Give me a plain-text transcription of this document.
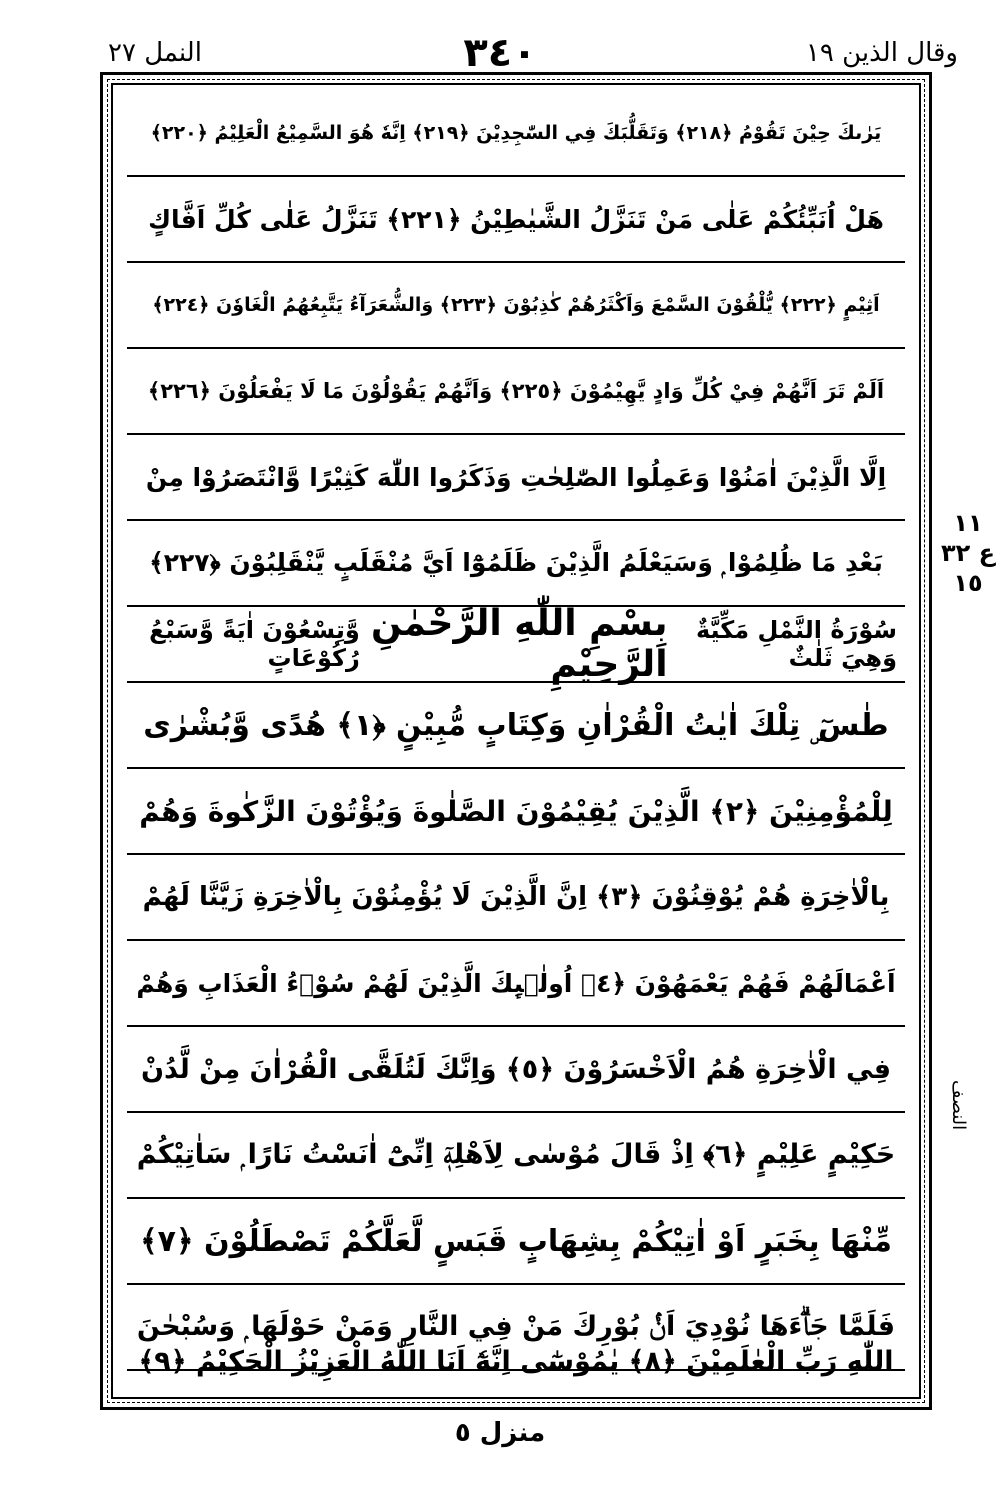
وقال الذين ١٩
٣٤٠
النمل ٢٧
يَرٰىكَ حِيْنَ تَقُوْمُ ﴿٢١٨﴾ وَتَقَلُّبَكَ فِي السّٰجِدِيْنَ ﴿٢١٩﴾ اِنَّهٗ هُوَ السَّمِيْعُ الْعَلِيْمُ ﴿٢٢٠﴾
هَلْ اُنَبِّئُكُمْ عَلٰى مَنْ تَنَزَّلُ الشَّيٰطِيْنُ ﴿٢٢١﴾ تَنَزَّلُ عَلٰى كُلِّ اَفَّاكٍ
اَثِيْمٍ ﴿٢٢٢﴾ يُّلْقُوْنَ السَّمْعَ وَاَكْثَرُهُمْ كٰذِبُوْنَ ﴿٢٢٣﴾ وَالشُّعَرَآءُ يَتَّبِعُهُمُ الْغَاوٗنَ ﴿٢٢٤﴾
اَلَمْ تَرَ اَنَّهُمْ فِيْ كُلِّ وَادٍ يَّهِيْمُوْنَ ﴿٢٢٥﴾ وَاَنَّهُمْ يَقُوْلُوْنَ مَا لَا يَفْعَلُوْنَ ﴿٢٢٦﴾
اِلَّا الَّذِيْنَ اٰمَنُوْا وَعَمِلُوا الصّٰلِحٰتِ وَذَكَرُوا اللّٰهَ كَثِيْرًا وَّانْتَصَرُوْا مِنْ
بَعْدِ مَا ظُلِمُوْا ۭ وَسَيَعْلَمُ الَّذِيْنَ ظَلَمُوْٓا اَيَّ مُنْقَلَبٍ يَّنْقَلِبُوْنَ ﴿٢٢٧﴾
وَّتِسْعُوْنَ اٰيَةً وَّسَبْعُ رُكُوْعَاتٍ
بِسْمِ اللّٰهِ الرَّحْمٰنِ الرَّحِيْمِ
سُوْرَةُ النَّمْلِ مَكِّيَّةٌ وَهِيَ ثَلٰثٌ
طٰسٓ ۣ تِلْكَ اٰيٰتُ الْقُرْاٰنِ وَكِتَابٍ مُّبِيْنٍ ﴿١﴾ هُدًى وَّبُشْرٰى
لِلْمُؤْمِنِيْنَ ﴿٢﴾ الَّذِيْنَ يُقِيْمُوْنَ الصَّلٰوةَ وَيُؤْتُوْنَ الزَّكٰوةَ وَهُمْ
بِالْاٰخِرَةِ هُمْ يُوْقِنُوْنَ ﴿٣﴾ اِنَّ الَّذِيْنَ لَا يُؤْمِنُوْنَ بِالْاٰخِرَةِ زَيَّنَّا لَهُمْ
اَعْمَالَهُمْ فَهُمْ يَعْمَهُوْنَ ﴿٤﴾ اُولٰۗىِٕكَ الَّذِيْنَ لَهُمْ سُوْۗءُ الْعَذَابِ وَهُمْ
فِي الْاٰخِرَةِ هُمُ الْاَخْسَرُوْنَ ﴿٥﴾ وَاِنَّكَ لَتُلَقَّى الْقُرْاٰنَ مِنْ لَّدُنْ
حَكِيْمٍ عَلِيْمٍ ﴿٦﴾ اِذْ قَالَ مُوْسٰى لِاَهْلِهٖٓ اِنِّىْٓ اٰنَسْتُ نَارًا ۭ سَاٰتِيْكُمْ
مِّنْهَا بِخَبَرٍ اَوْ اٰتِيْكُمْ بِشِهَابٍ قَبَسٍ لَّعَلَّكُمْ تَصْطَلُوْنَ ﴿٧﴾
فَلَمَّا جَاۗءَهَا نُوْدِيَ اَنْۢ بُوْرِكَ مَنْ فِي النَّارِ وَمَنْ حَوْلَهَا ۭ وَسُبْحٰنَ
اللّٰهِ رَبِّ الْعٰلَمِيْنَ ﴿٨﴾ يٰمُوْسٰٓى اِنَّهٗٓ اَنَا اللّٰهُ الْعَزِيْزُ الْحَكِيْمُ ﴿٩﴾
١١
ع ٣٢
١٥
النصف
منزل ٥
